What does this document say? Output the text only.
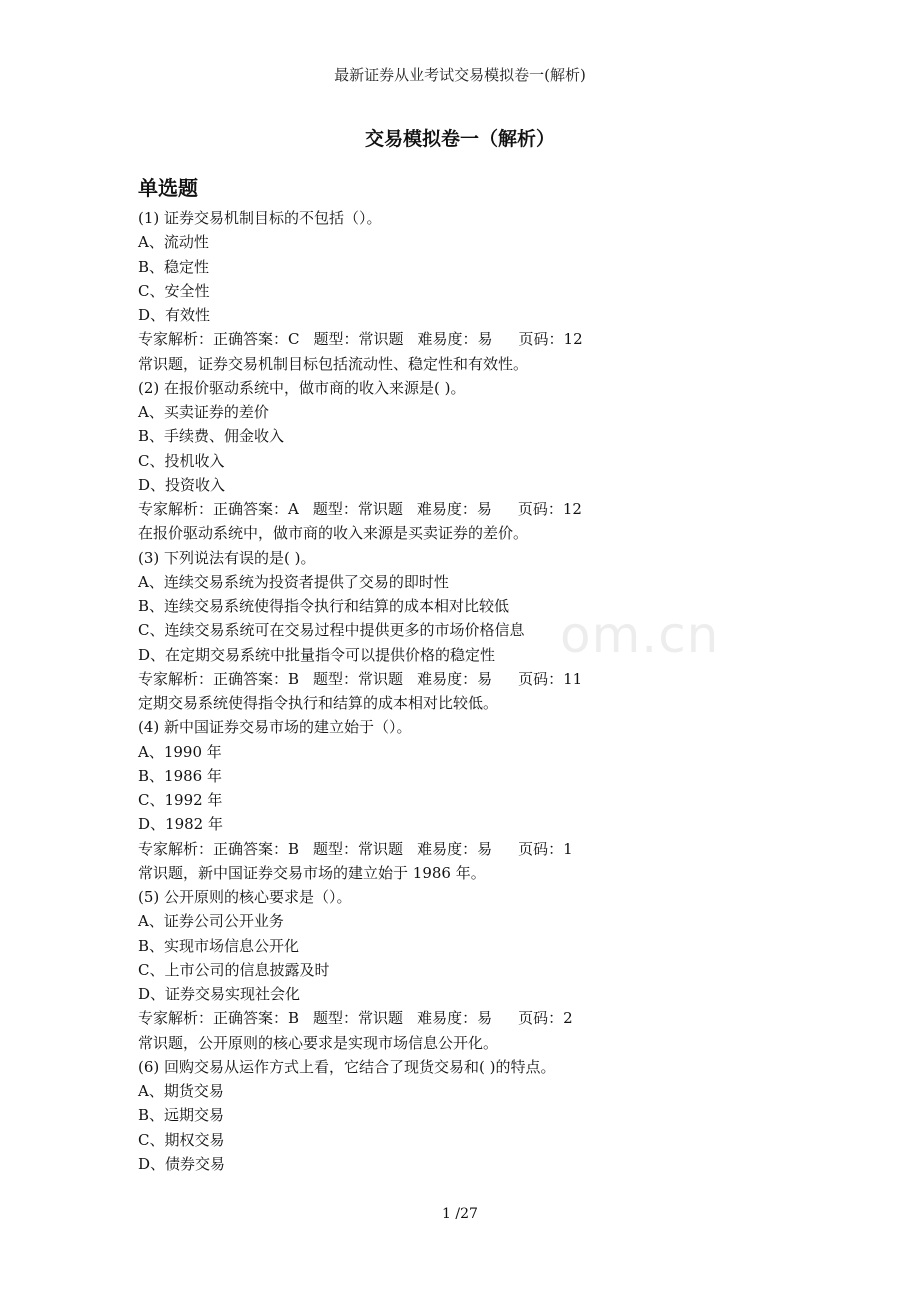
最新证券从业考试交易模拟卷一(解析)
om.cn
交易模拟卷一（解析）
单选题
(1) 证券交易机制目标的不包括（）。
A、流动性
B、稳定性
C、安全性
D、有效性
专家解析：正确答案：C 题型：常识题 难易度：易 页码：12
常识题，证券交易机制目标包括流动性、稳定性和有效性。
(2) 在报价驱动系统中，做市商的收入来源是( )。
A、买卖证券的差价
B、手续费、佣金收入
C、投机收入
D、投资收入
专家解析：正确答案：A 题型：常识题 难易度：易 页码：12
在报价驱动系统中，做市商的收入来源是买卖证券的差价。
(3) 下列说法有误的是( )。
A、连续交易系统为投资者提供了交易的即时性
B、连续交易系统使得指令执行和结算的成本相对比较低
C、连续交易系统可在交易过程中提供更多的市场价格信息
D、在定期交易系统中批量指令可以提供价格的稳定性
专家解析：正确答案：B 题型：常识题 难易度：易 页码：11
定期交易系统使得指令执行和结算的成本相对比较低。
(4) 新中国证券交易市场的建立始于（）。
A、1990 年
B、1986 年
C、1992 年
D、1982 年
专家解析：正确答案：B 题型：常识题 难易度：易 页码：1
常识题，新中国证券交易市场的建立始于 1986 年。
(5) 公开原则的核心要求是（）。
A、证券公司公开业务
B、实现市场信息公开化
C、上市公司的信息披露及时
D、证券交易实现社会化
专家解析：正确答案：B 题型：常识题 难易度：易 页码：2
常识题，公开原则的核心要求是实现市场信息公开化。
(6) 回购交易从运作方式上看，它结合了现货交易和( )的特点。
A、期货交易
B、远期交易
C、期权交易
D、债券交易
1 /27
